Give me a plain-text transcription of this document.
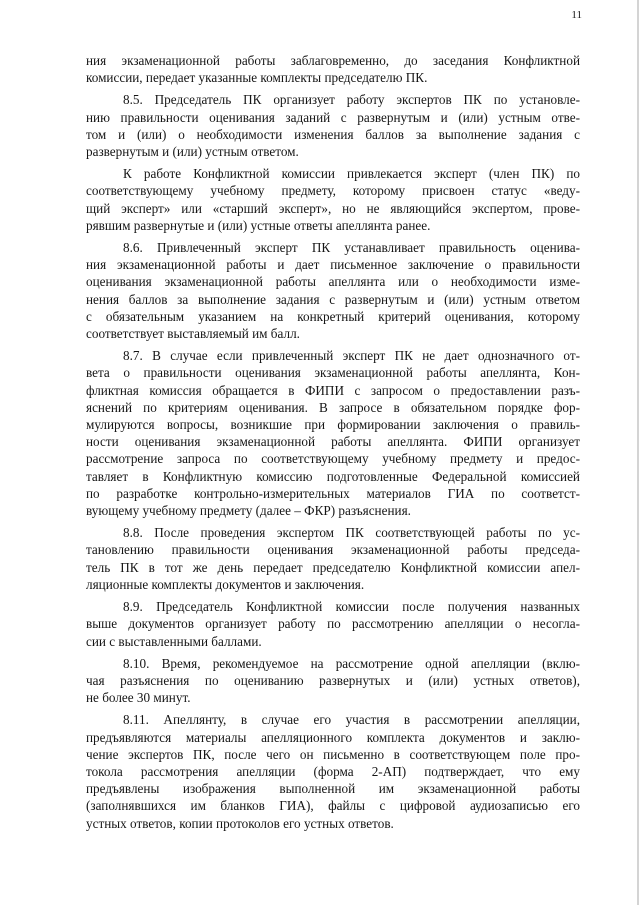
11
ния экзаменационной работы заблаговременно, до заседания Конфликтной
комиссии, передает указанные комплекты председателю ПК.
8.5. Председатель ПК организует работу экспертов ПК по установле-
нию правильности оценивания заданий с развернутым и (или) устным отве-
том и (или) о необходимости изменения баллов за выполнение задания с
развернутым и (или) устным ответом.
К работе Конфликтной комиссии привлекается эксперт (член ПК) по
соответствующему учебному предмету, которому присвоен статус «веду-
щий эксперт» или «старший эксперт», но не являющийся экспертом, прове-
рявшим развернутые и (или) устные ответы апеллянта ранее.
8.6. Привлеченный эксперт ПК устанавливает правильность оценива-
ния экзаменационной работы и дает письменное заключение о правильности
оценивания экзаменационной работы апеллянта или о необходимости изме-
нения баллов за выполнение задания с развернутым и (или) устным ответом
с обязательным указанием на конкретный критерий оценивания, которому
соответствует выставляемый им балл.
8.7. В случае если привлеченный эксперт ПК не дает однозначного от-
вета о правильности оценивания экзаменационной работы апеллянта, Кон-
фликтная комиссия обращается в ФИПИ с запросом о предоставлении разъ-
яснений по критериям оценивания. В запросе в обязательном порядке фор-
мулируются вопросы, возникшие при формировании заключения о правиль-
ности оценивания экзаменационной работы апеллянта. ФИПИ организует
рассмотрение запроса по соответствующему учебному предмету и предос-
тавляет в Конфликтную комиссию подготовленные Федеральной комиссией
по разработке контрольно-измерительных материалов ГИА по соответст-
вующему учебному предмету (далее – ФКР) разъяснения.
8.8. После проведения экспертом ПК соответствующей работы по ус-
тановлению правильности оценивания экзаменационной работы председа-
тель ПК в тот же день передает председателю Конфликтной комиссии апел-
ляционные комплекты документов и заключения.
8.9. Председатель Конфликтной комиссии после получения названных
выше документов организует работу по рассмотрению апелляции о несогла-
сии с выставленными баллами.
8.10. Время, рекомендуемое на рассмотрение одной апелляции (вклю-
чая разъяснения по оцениванию развернутых и (или) устных ответов),
не более 30 минут.
8.11. Апеллянту, в случае его участия в рассмотрении апелляции,
предъявляются материалы апелляционного комплекта документов и заклю-
чение экспертов ПК, после чего он письменно в соответствующем поле про-
токола рассмотрения апелляции (форма 2-АП) подтверждает, что ему
предъявлены изображения выполненной им экзаменационной работы
(заполнявшихся им бланков ГИА), файлы с цифровой аудиозаписью его
устных ответов, копии протоколов его устных ответов.
